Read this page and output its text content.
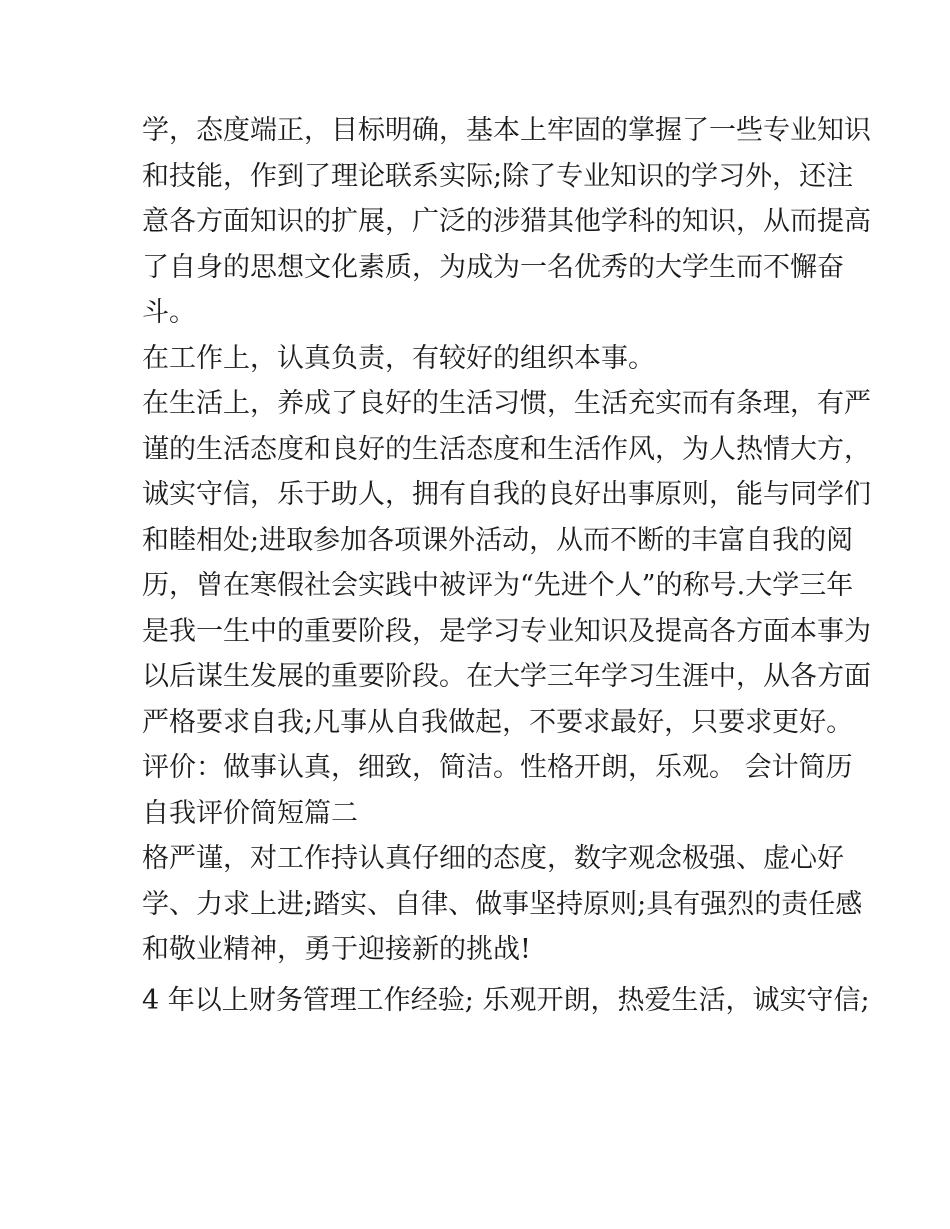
学，态度端正，目标明确，基本上牢固的掌握了一些专业知识
和技能，作到了理论联系实际;除了专业知识的学习外，还注
意各方面知识的扩展，广泛的涉猎其他学科的知识，从而提高
了自身的思想文化素质，为成为一名优秀的大学生而不懈奋
斗。
在工作上，认真负责，有较好的组织本事。
在生活上，养成了良好的生活习惯，生活充实而有条理，有严
谨的生活态度和良好的生活态度和生活作风，为人热情大方，
诚实守信，乐于助人，拥有自我的良好出事原则，能与同学们
和睦相处;进取参加各项课外活动，从而不断的丰富自我的阅
历，曾在寒假社会实践中被评为“先进个人”的称号.大学三年
是我一生中的重要阶段，是学习专业知识及提高各方面本事为
以后谋生发展的重要阶段。在大学三年学习生涯中，从各方面
严格要求自我;凡事从自我做起，不要求最好，只要求更好。
评价：做事认真，细致，简洁。性格开朗，乐观。 会计简历
自我评价简短篇二
格严谨，对工作持认真仔细的态度，数字观念极强、虚心好
学、力求上进;踏实、自律、做事坚持原则;具有强烈的责任感
和敬业精神，勇于迎接新的挑战!
4 年以上财务管理工作经验; 乐观开朗，热爱生活，诚实守信;
